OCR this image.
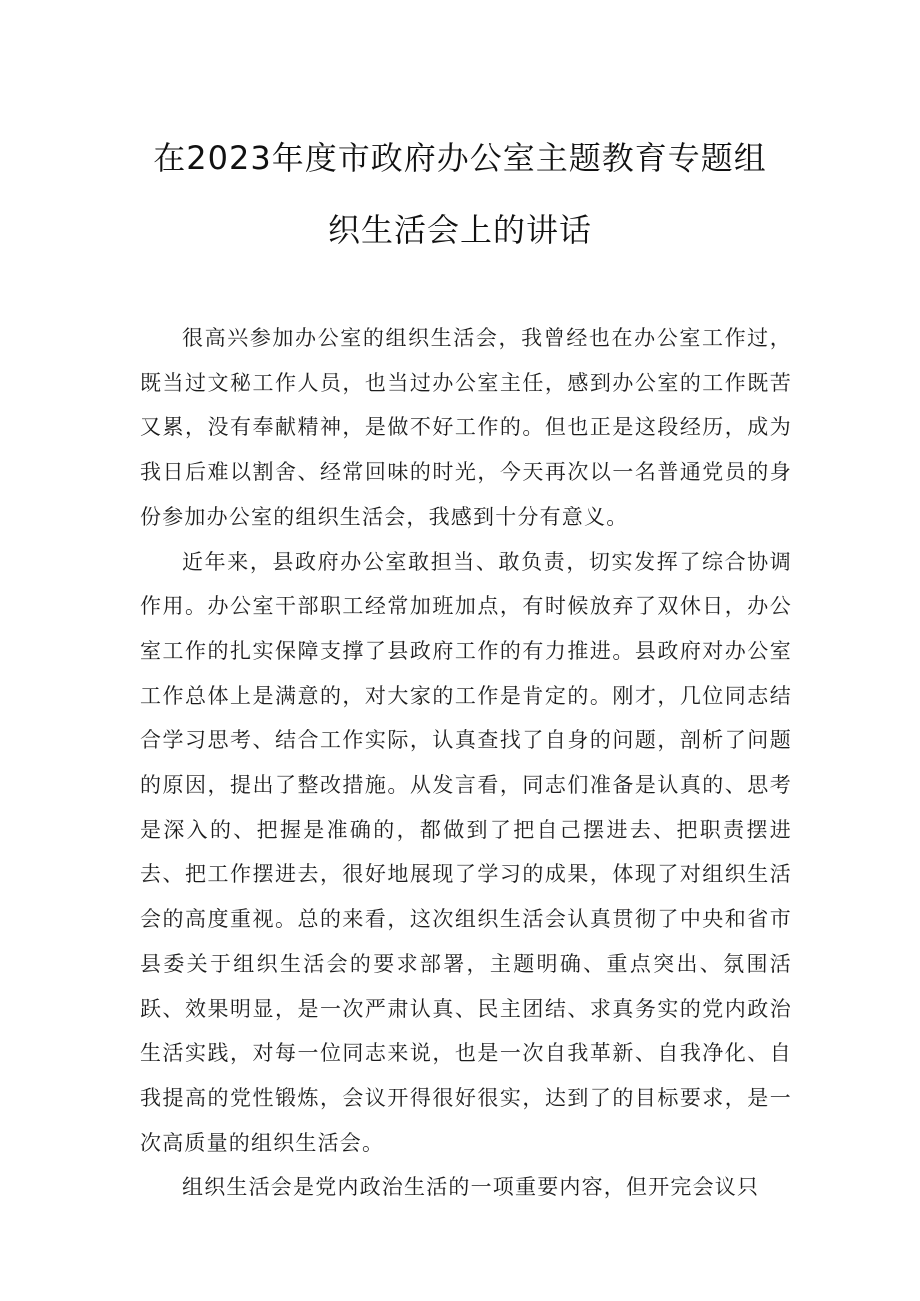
在2023年度市政府办公室主题教育专题组
织生活会上的讲话

很高兴参加办公室的组织生活会，我曾经也在办公室工作过，既当过文秘工作人员，也当过办公室主任，感到办公室的工作既苦又累，没有奉献精神，是做不好工作的。但也正是这段经历，成为我日后难以割舍、经常回味的时光，今天再次以一名普通党员的身份参加办公室的组织生活会，我感到十分有意义。

近年来，县政府办公室敢担当、敢负责，切实发挥了综合协调作用。办公室干部职工经常加班加点，有时候放弃了双休日，办公室工作的扎实保障支撑了县政府工作的有力推进。县政府对办公室工作总体上是满意的，对大家的工作是肯定的。刚才，几位同志结合学习思考、结合工作实际，认真查找了自身的问题，剖析了问题的原因，提出了整改措施。从发言看，同志们准备是认真的、思考是深入的、把握是准确的，都做到了把自己摆进去、把职责摆进去、把工作摆进去，很好地展现了学习的成果，体现了对组织生活会的高度重视。总的来看，这次组织生活会认真贯彻了中央和省市县委关于组织生活会的要求部署，主题明确、重点突出、氛围活跃、效果明显，是一次严肃认真、民主团结、求真务实的党内政治生活实践，对每一位同志来说，也是一次自我革新、自我净化、自我提高的党性锻炼，会议开得很好很实，达到了的目标要求，是一次高质量的组织生活会。

组织生活会是党内政治生活的一项重要内容，但开完会议只
